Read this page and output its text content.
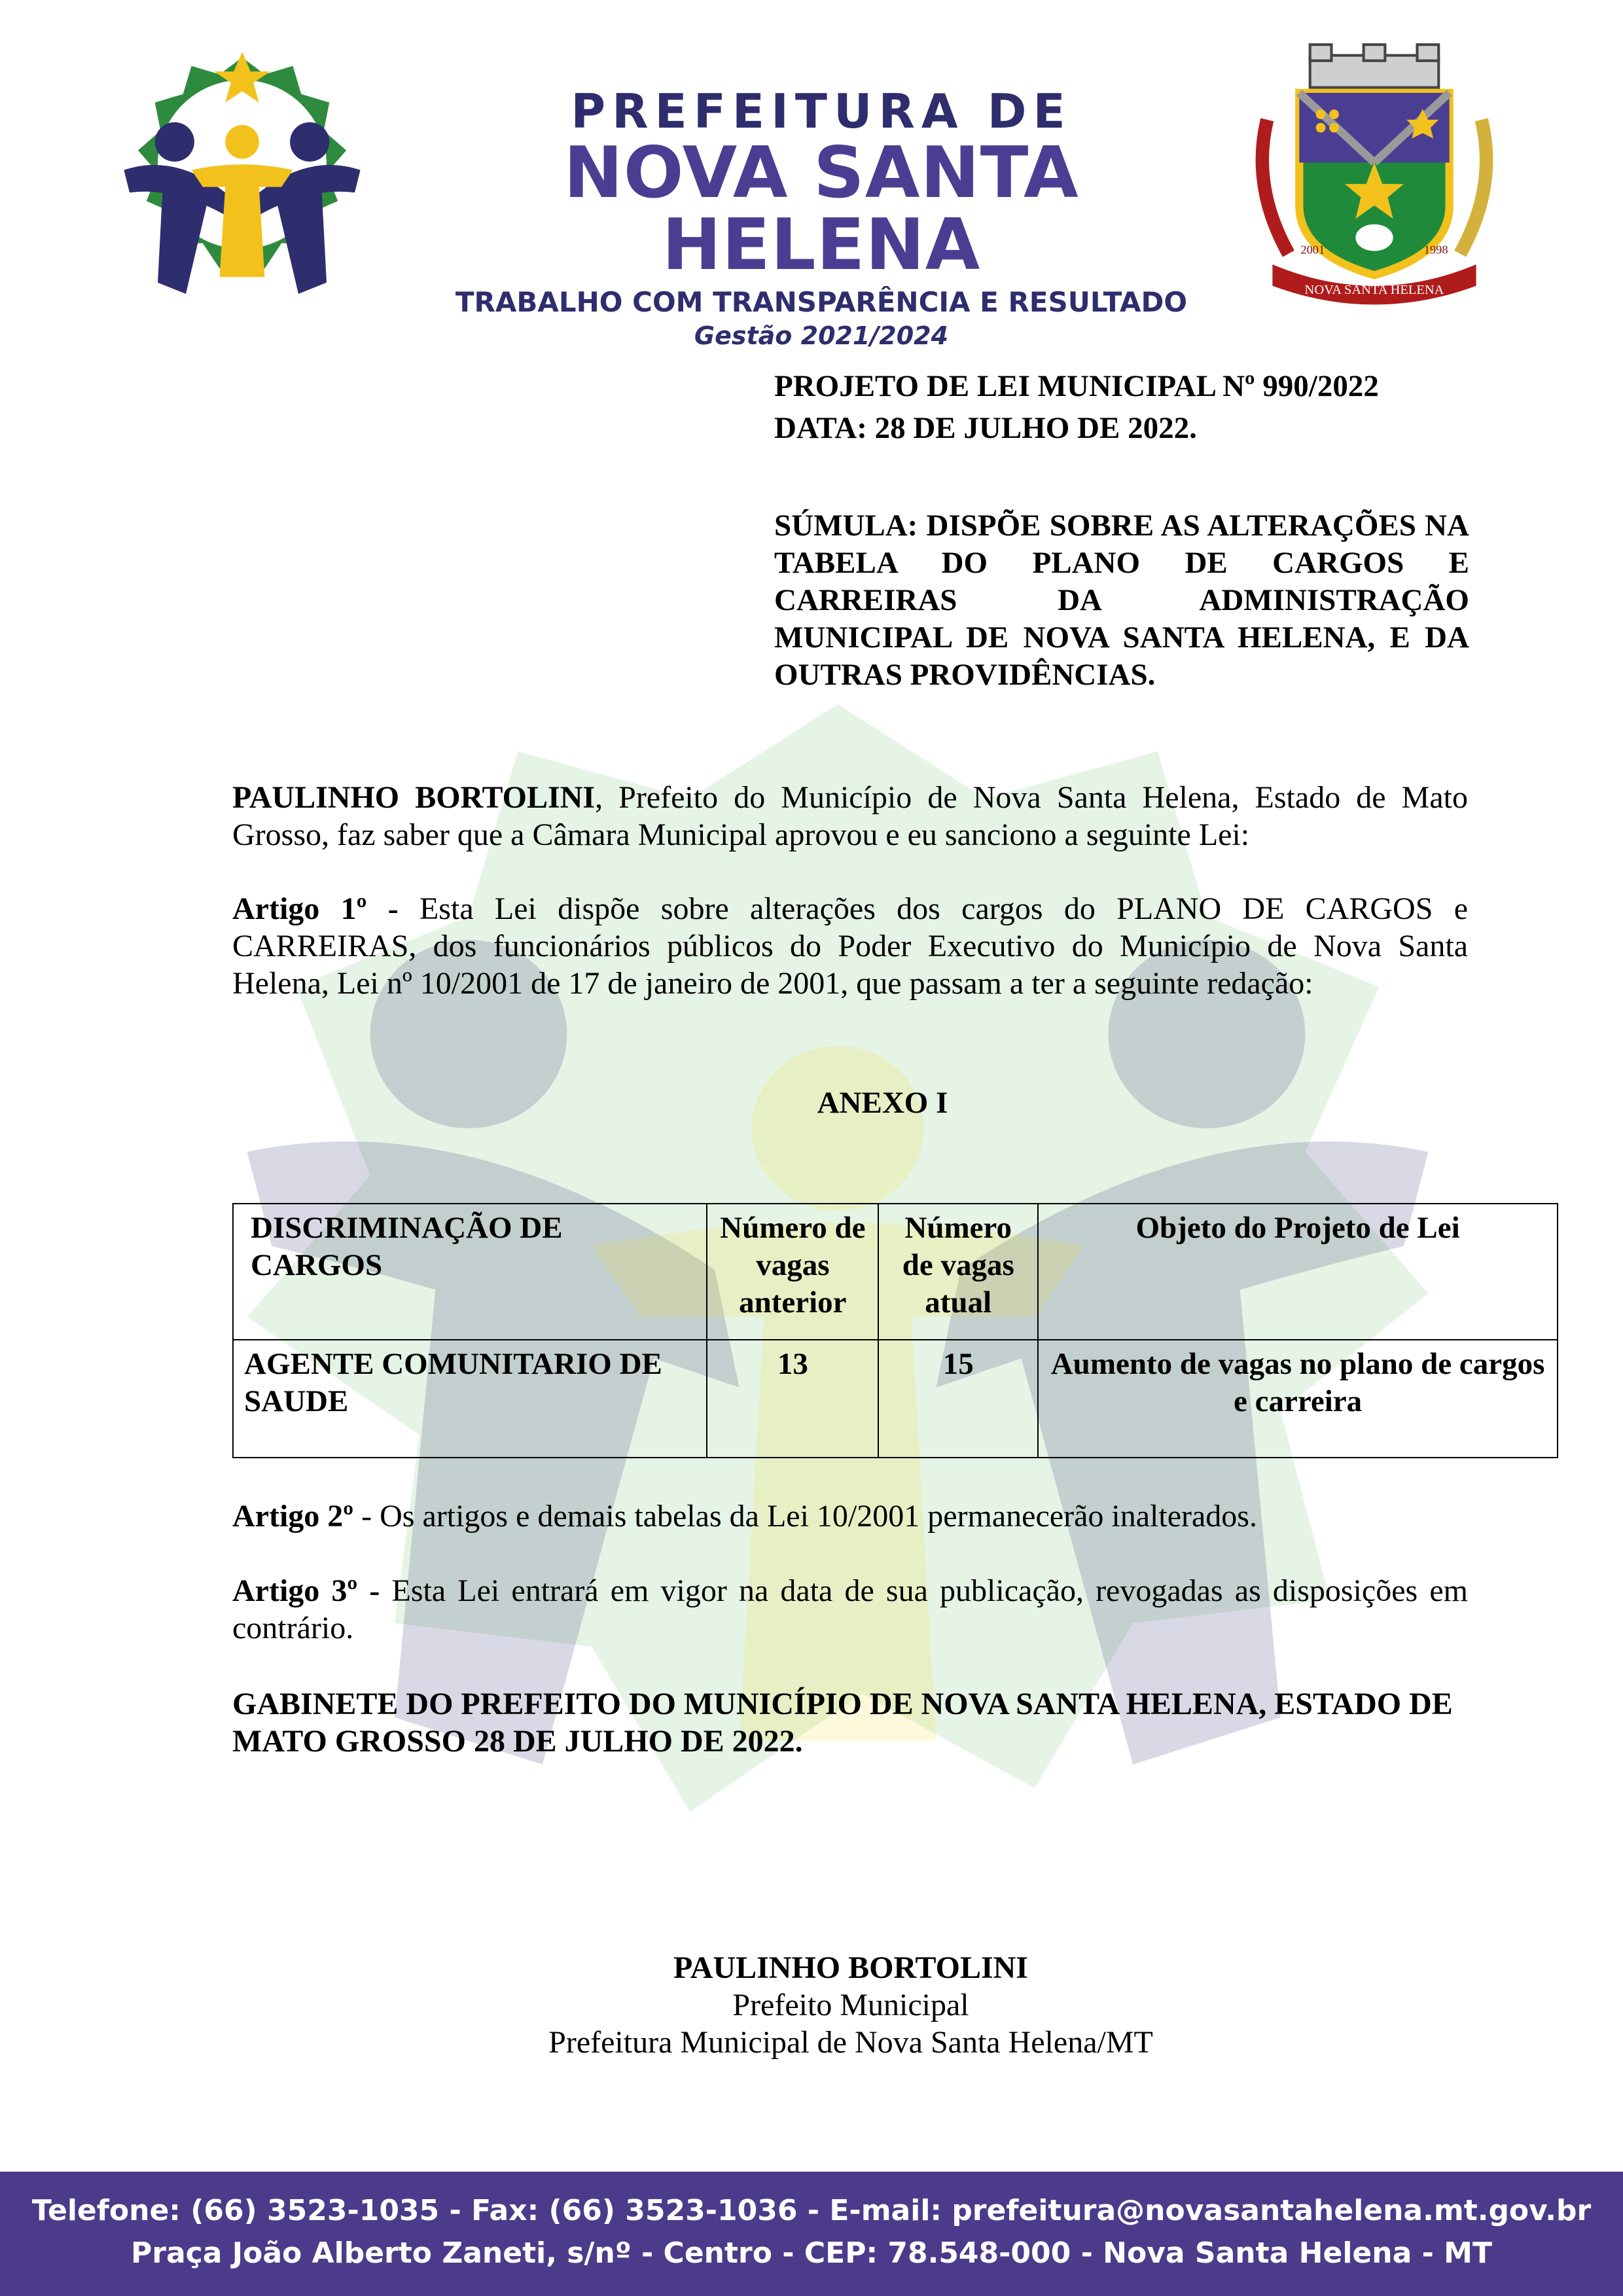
PREFEITURA DE
NOVA SANTA HELENA
TRABALHO COM TRANSPARÊNCIA E RESULTADO
Gestão 2021/2024
NOVA SANTA HELENA
2001	1998
PROJETO DE LEI MUNICIPAL Nº 990/2022
DATA: 28 DE JULHO DE 2022.
SÚMULA: DISPÕE SOBRE AS ALTERAÇÕES NA TABELA DO PLANO DE CARGOS E CARREIRAS DA ADMINISTRAÇÃO MUNICIPAL DE NOVA SANTA HELENA, E DA OUTRAS PROVIDÊNCIAS.
PAULINHO BORTOLINI, Prefeito do Município de Nova Santa Helena, Estado de Mato Grosso, faz saber que a Câmara Municipal aprovou e eu sanciono a seguinte Lei:
Artigo 1º - Esta Lei dispõe sobre alterações dos cargos do PLANO DE CARGOS e CARREIRAS, dos funcionários públicos do Poder Executivo do Município de Nova Santa Helena, Lei nº 10/2001 de 17 de janeiro de 2001, que passam a ter a seguinte redação:
ANEXO I
DISCRIMINAÇÃO DE CARGOS	Número de vagas anterior	Número de vagas atual	Objeto do Projeto de Lei
AGENTE COMUNITARIO DE SAUDE	13	15	Aumento de vagas no plano de cargos e carreira
Artigo 2º - Os artigos e demais tabelas da Lei 10/2001 permanecerão inalterados.
Artigo 3º - Esta Lei entrará em vigor na data de sua publicação, revogadas as disposições em contrário.
GABINETE DO PREFEITO DO MUNICÍPIO DE NOVA SANTA HELENA, ESTADO DE MATO GROSSO 28 DE JULHO DE 2022.
PAULINHO BORTOLINI
Prefeito Municipal
Prefeitura Municipal de Nova Santa Helena/MT
Telefone: (66) 3523-1035 - Fax: (66) 3523-1036 - E-mail: prefeitura@novasantahelena.mt.gov.br
Praça João Alberto Zaneti, s/nº - Centro - CEP: 78.548-000 - Nova Santa Helena - MT
